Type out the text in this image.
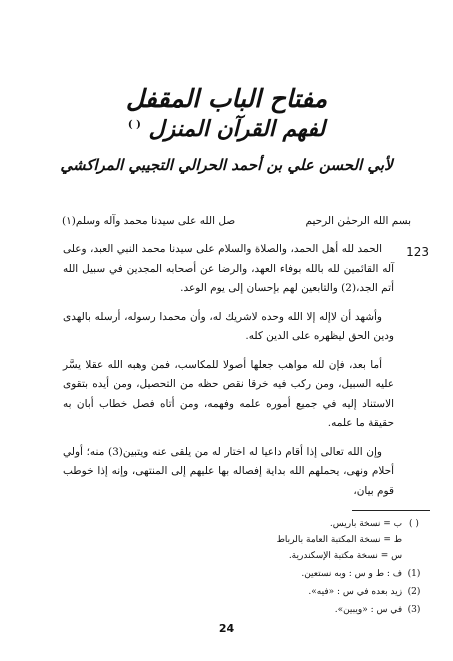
مفتاح الباب المقفل
لفهم القرآن المنزل ( )
لأبي الحسن علي بن أحمد الحرالي التجيبي المراكشي
بسم الله الرحمٰن الرحيم
صل الله على سيدنا محمد وآله وسلم(١)
123

الحمد لله أهل الحمد، والصلاة والسلام على سيدنا محمد النبي العبد، وعلى آله القائمين لله بالله بوفاء العهد، والرضا عن أصحابه المجدين في سبيل الله أتم الجد،(2) والتابعين لهم بإحسان إلى يوم الوعد.

وأشهد أن لاإله إلا الله وحده لاشريك له، وأن محمدا رسوله، أرسله بالهدى ودين الحق ليظهره على الدين كله.

أما بعد، فإن لله مواهب جعلها أصولا للمكاسب، فمن وهبه الله عقلا يسَّر عليه السبيل، ومن ركب فيه خرقا نقص حظه من التحصيل، ومن أيده بتقوى الاستناد إليه في جميع أموره علمه وفهمه، ومن أتاه فصل خطاب أبان به حقيقة ما علمه.

وإن الله تعالى إذا أقام داعيا له اختار له من يلقى عنه ويتبين(3) منه؛ أولي أحلام ونهى، يحملهم الله بداية إفصاله بها عليهم إلى المنتهى، وإنه إذا خوطب قوم بيان،

( ) ب = نسخة باريس.
ط = نسخة المكتبة العامة بالرباط
س = نسخة مكتبة الإسكندرية.
(1) ف : ط و س : وبه نستعين.
(2) زيد بعده في س : «فيه».
(3) في س : «ويبين».
24
